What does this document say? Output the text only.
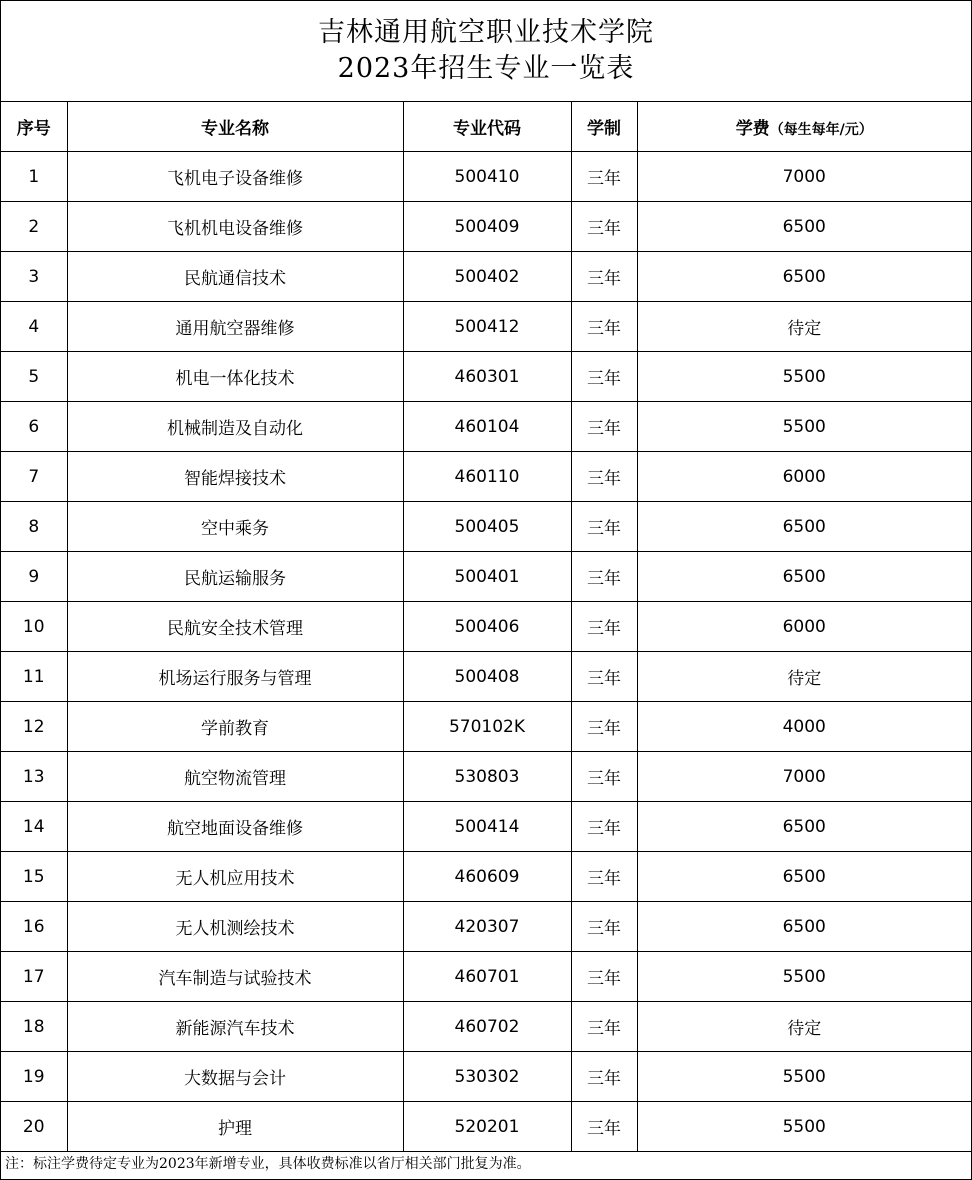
吉林通用航空职业技术学院
2023年招生专业一览表
序号	专业名称	专业代码	学制	学费（每生每年/元）
1	飞机电子设备维修	500410	三年	7000
2	飞机机电设备维修	500409	三年	6500
3	民航通信技术	500402	三年	6500
4	通用航空器维修	500412	三年	待定
5	机电一体化技术	460301	三年	5500
6	机械制造及自动化	460104	三年	5500
7	智能焊接技术	460110	三年	6000
8	空中乘务	500405	三年	6500
9	民航运输服务	500401	三年	6500
10	民航安全技术管理	500406	三年	6000
11	机场运行服务与管理	500408	三年	待定
12	学前教育	570102K	三年	4000
13	航空物流管理	530803	三年	7000
14	航空地面设备维修	500414	三年	6500
15	无人机应用技术	460609	三年	6500
16	无人机测绘技术	420307	三年	6500
17	汽车制造与试验技术	460701	三年	5500
18	新能源汽车技术	460702	三年	待定
19	大数据与会计	530302	三年	5500
20	护理	520201	三年	5500
注：标注学费待定专业为2023年新增专业，具体收费标准以省厅相关部门批复为准。
